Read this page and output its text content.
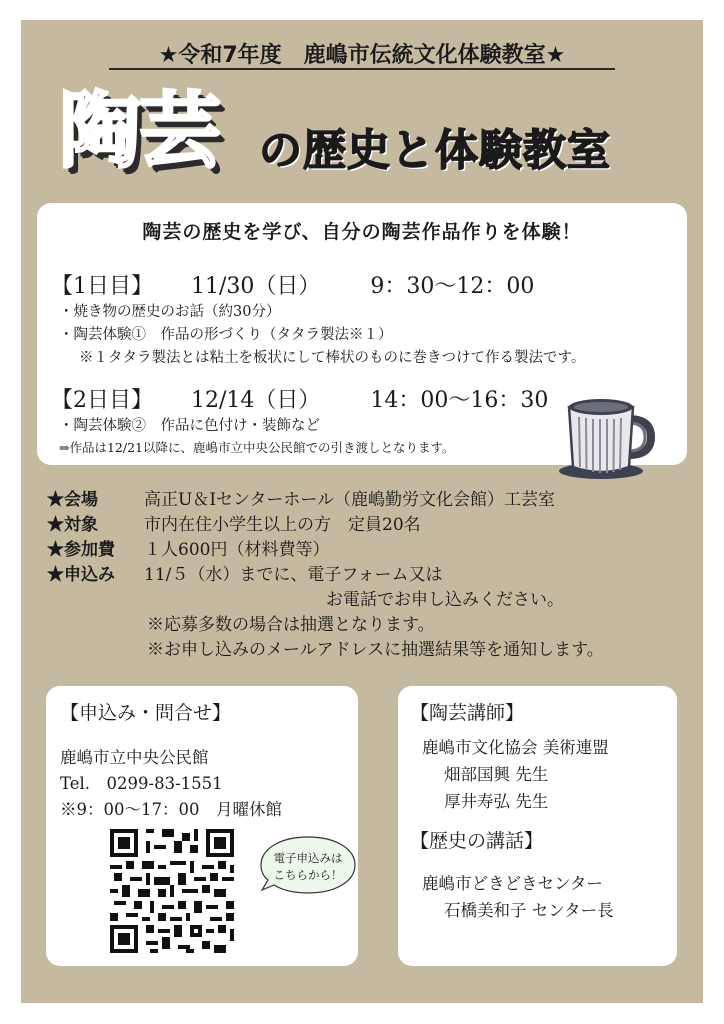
★令和7年度　鹿嶋市伝統文化体験教室★
陶芸 の歴史と体験教室
陶芸の歴史を学び、自分の陶芸作品作りを体験！
【1日目】 11/30（日） 9：30〜12：00
・焼き物の歴史のお話（約30分）
・陶芸体験①　作品の形づくり（タタラ製法※１）
※１タタラ製法とは粘土を板状にして棒状のものに巻きつけて作る製法です。
【2日目】 12/14（日） 14：00〜16：30
・陶芸体験②　作品に色付け・装飾など
⇒作品は12/21以降に、鹿嶋市立中央公民館での引き渡しとなります。
★会場	高正U＆Iセンターホール（鹿嶋勤労文化会館）工芸室
★対象	市内在住小学生以上の方　定員20名
★参加費 １人600円（材料費等）
★申込み 11/５（水）までに、電子フォーム又は
お電話でお申し込みください。
※応募多数の場合は抽選となります。
※お申し込みのメールアドレスに抽選結果等を通知します。
【申込み・問合せ】
鹿嶋市立中央公民館
Tel.　0299-83-1551
※9：00〜17：00　月曜休館
電子申込みは
こちらから！
【陶芸講師】
鹿嶋市文化協会 美術連盟
畑部国興 先生
厚井寿弘 先生
【歴史の講話】
鹿嶋市どきどきセンター
石橋美和子 センター長
